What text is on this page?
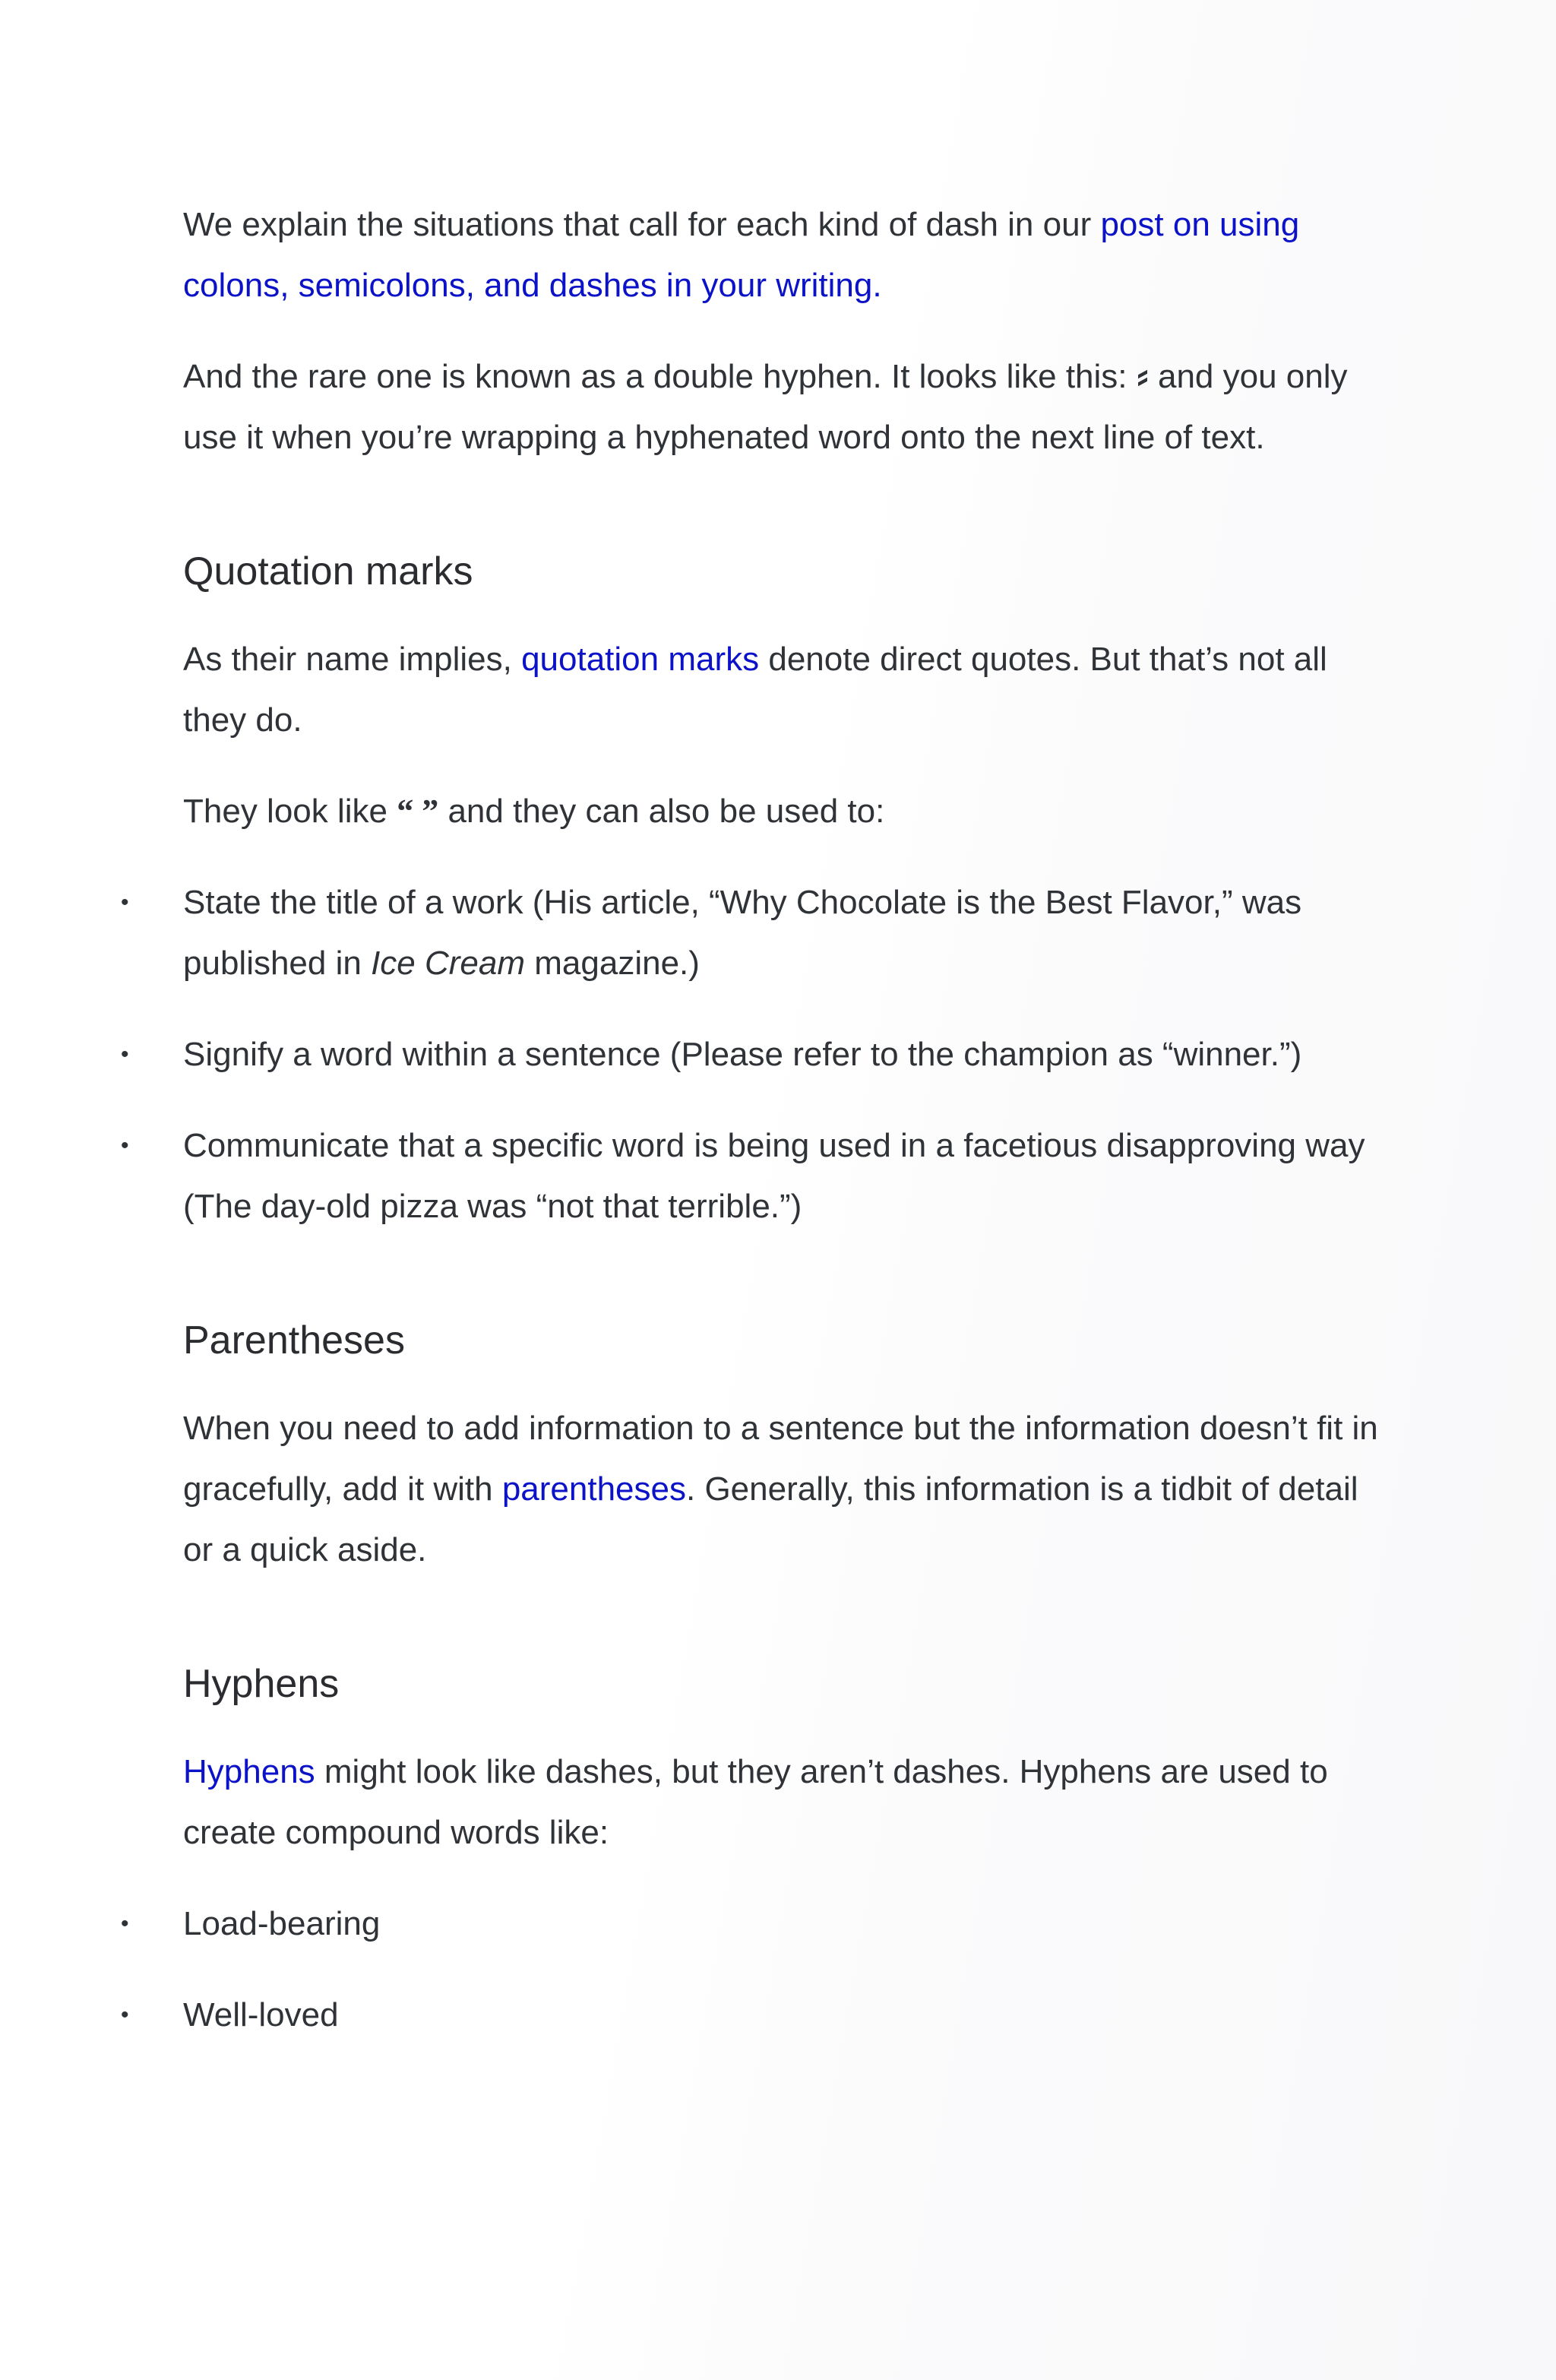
We explain the situations that call for each kind of dash in our post on using colons, semicolons, and dashes in your writing.

And the rare one is known as a double hyphen. It looks like this:  and you only use it when you’re wrapping a hyphenated word onto the next line of text.

Quotation marks

As their name implies, quotation marks denote direct quotes. But that’s not all they do.

They look like “ ” and they can also be used to:

• State the title of a work (His article, “Why Chocolate is the Best Flavor,” was published in Ice Cream magazine.)
• Signify a word within a sentence (Please refer to the champion as “winner.”)
• Communicate that a specific word is being used in a facetious disapproving way (The day-old pizza was “not that terrible.”)
Parentheses

When you need to add information to a sentence but the information doesn’t fit in gracefully, add it with parentheses. Generally, this information is a tidbit of detail or a quick aside.

Hyphens

Hyphens might look like dashes, but they aren’t dashes. Hyphens are used to create compound words like:

• Load-bearing
• Well-loved
